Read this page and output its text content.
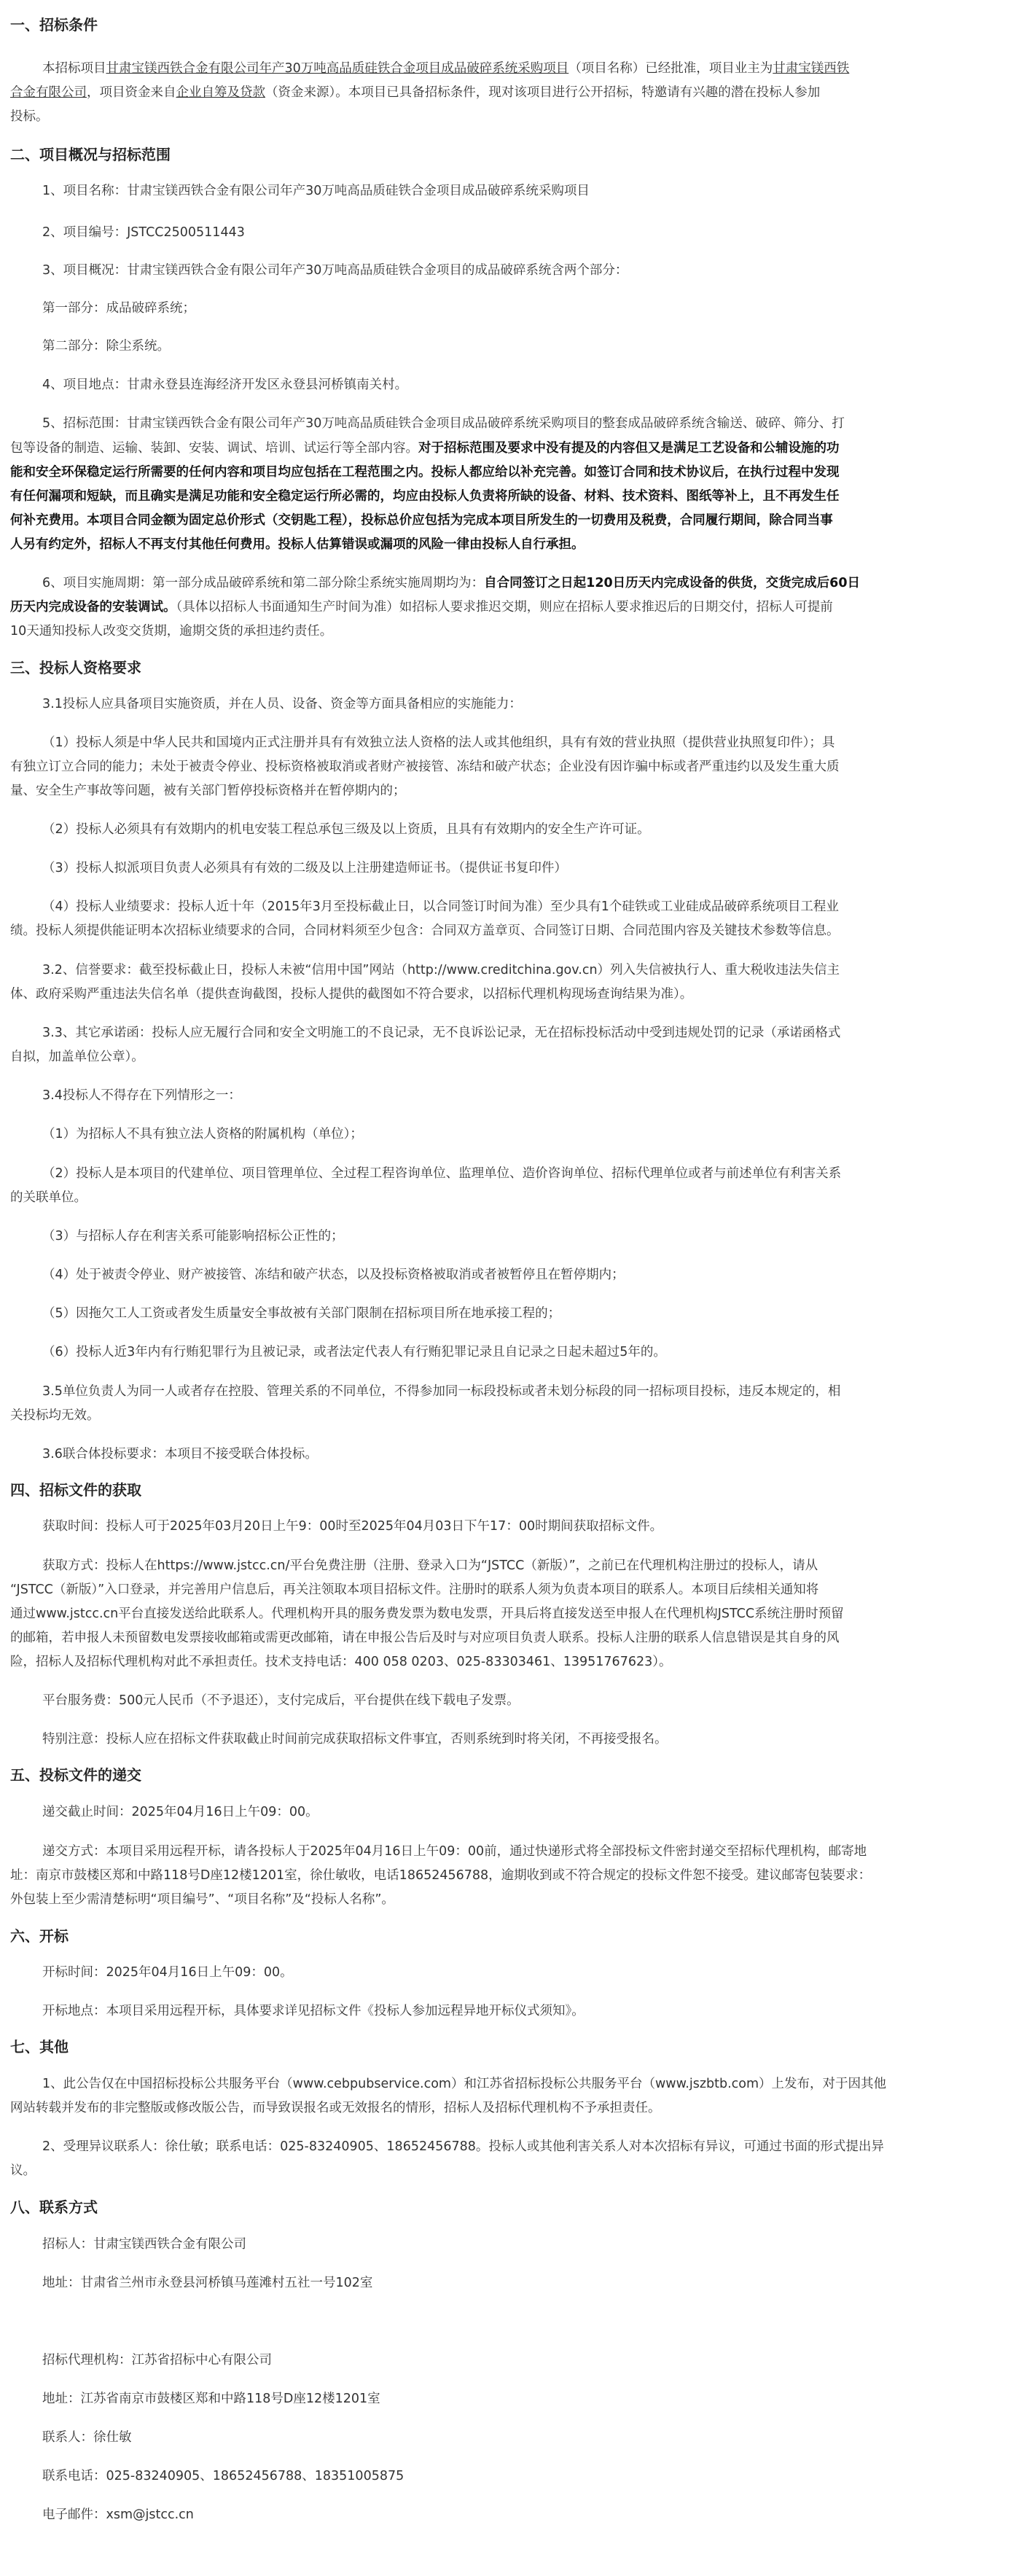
一、招标条件
本招标项目甘肃宝镁西铁合金有限公司年产30万吨高品质硅铁合金项目成品破碎系统采购项目（项目名称）已经批准，项目业主为甘肃宝镁西铁
合金有限公司，项目资金来自企业自筹及贷款（资金来源）。本项目已具备招标条件，现对该项目进行公开招标，特邀请有兴趣的潜在投标人参加
投标。
二、项目概况与招标范围
1、项目名称：甘肃宝镁西铁合金有限公司年产30万吨高品质硅铁合金项目成品破碎系统采购项目
2、项目编号：JSTCC2500511443
3、项目概况：甘肃宝镁西铁合金有限公司年产30万吨高品质硅铁合金项目的成品破碎系统含两个部分：
第一部分：成品破碎系统；
第二部分：除尘系统。
4、项目地点：甘肃永登县连海经济开发区永登县河桥镇南关村。
5、招标范围：甘肃宝镁西铁合金有限公司年产30万吨高品质硅铁合金项目成品破碎系统采购项目的整套成品破碎系统含输送、破碎、筛分、打
包等设备的制造、运输、装卸、安装、调试、培训、试运行等全部内容。对于招标范围及要求中没有提及的内容但又是满足工艺设备和公辅设施的功
能和安全环保稳定运行所需要的任何内容和项目均应包括在工程范围之内。投标人都应给以补充完善。如签订合同和技术协议后，在执行过程中发现
有任何漏项和短缺，而且确实是满足功能和安全稳定运行所必需的，均应由投标人负责将所缺的设备、材料、技术资料、图纸等补上，且不再发生任
何补充费用。本项目合同金额为固定总价形式（交钥匙工程），投标总价应包括为完成本项目所发生的一切费用及税费，合同履行期间，除合同当事
人另有约定外，招标人不再支付其他任何费用。投标人估算错误或漏项的风险一律由投标人自行承担。
6、项目实施周期：第一部分成品破碎系统和第二部分除尘系统实施周期均为：自合同签订之日起120日历天内完成设备的供货，交货完成后60日
历天内完成设备的安装调试。（具体以招标人书面通知生产时间为准）如招标人要求推迟交期，则应在招标人要求推迟后的日期交付，招标人可提前
10天通知投标人改变交货期，逾期交货的承担违约责任。
三、投标人资格要求
3.1投标人应具备项目实施资质，并在人员、设备、资金等方面具备相应的实施能力：
（1）投标人须是中华人民共和国境内正式注册并具有有效独立法人资格的法人或其他组织，具有有效的营业执照（提供营业执照复印件）；具
有独立订立合同的能力；未处于被责令停业、投标资格被取消或者财产被接管、冻结和破产状态；企业没有因诈骗中标或者严重违约以及发生重大质
量、安全生产事故等问题，被有关部门暂停投标资格并在暂停期内的；
（2）投标人必须具有有效期内的机电安装工程总承包三级及以上资质，且具有有效期内的安全生产许可证。
（3）投标人拟派项目负责人必须具有有效的二级及以上注册建造师证书。（提供证书复印件）
（4）投标人业绩要求：投标人近十年（2015年3月至投标截止日，以合同签订时间为准）至少具有1个硅铁或工业硅成品破碎系统项目工程业
绩。投标人须提供能证明本次招标业绩要求的合同，合同材料须至少包含：合同双方盖章页、合同签订日期、合同范围内容及关键技术参数等信息。
3.2、信誉要求：截至投标截止日，投标人未被“信用中国”网站（http://www.creditchina.gov.cn）列入失信被执行人、重大税收违法失信主
体、政府采购严重违法失信名单（提供查询截图，投标人提供的截图如不符合要求，以招标代理机构现场查询结果为准）。
3.3、其它承诺函：投标人应无履行合同和安全文明施工的不良记录，无不良诉讼记录，无在招标投标活动中受到违规处罚的记录（承诺函格式
自拟，加盖单位公章）。
3.4投标人不得存在下列情形之一：
（1）为招标人不具有独立法人资格的附属机构（单位）；
（2）投标人是本项目的代建单位、项目管理单位、全过程工程咨询单位、监理单位、造价咨询单位、招标代理单位或者与前述单位有利害关系
的关联单位。
（3）与招标人存在利害关系可能影响招标公正性的；
（4）处于被责令停业、财产被接管、冻结和破产状态，以及投标资格被取消或者被暂停且在暂停期内；
（5）因拖欠工人工资或者发生质量安全事故被有关部门限制在招标项目所在地承接工程的；
（6）投标人近3年内有行贿犯罪行为且被记录，或者法定代表人有行贿犯罪记录且自记录之日起未超过5年的。
3.5单位负责人为同一人或者存在控股、管理关系的不同单位，不得参加同一标段投标或者未划分标段的同一招标项目投标，违反本规定的，相
关投标均无效。
3.6联合体投标要求：本项目不接受联合体投标。
四、招标文件的获取
获取时间：投标人可于2025年03月20日上午9：00时至2025年04月03日下午17：00时期间获取招标文件。
获取方式：投标人在https://www.jstcc.cn/平台免费注册（注册、登录入口为“JSTCC（新版）”，之前已在代理机构注册过的投标人，请从
“JSTCC（新版）”入口登录，并完善用户信息后，再关注领取本项目招标文件。注册时的联系人须为负责本项目的联系人。本项目后续相关通知将
通过www.jstcc.cn平台直接发送给此联系人。代理机构开具的服务费发票为数电发票，开具后将直接发送至申报人在代理机构JSTCC系统注册时预留
的邮箱，若申报人未预留数电发票接收邮箱或需更改邮箱，请在申报公告后及时与对应项目负责人联系。投标人注册的联系人信息错误是其自身的风
险，招标人及招标代理机构对此不承担责任。技术支持电话：400 058 0203、025-83303461、13951767623）。
平台服务费：500元人民币（不予退还），支付完成后，平台提供在线下载电子发票。
特别注意：投标人应在招标文件获取截止时间前完成获取招标文件事宜，否则系统到时将关闭，不再接受报名。
五、投标文件的递交
递交截止时间：2025年04月16日上午09：00。
递交方式：本项目采用远程开标，请各投标人于2025年04月16日上午09：00前，通过快递形式将全部投标文件密封递交至招标代理机构，邮寄地
址：南京市鼓楼区郑和中路118号D座12楼1201室，徐仕敏收，电话18652456788，逾期收到或不符合规定的投标文件恕不接受。建议邮寄包装要求：
外包装上至少需清楚标明“项目编号”、“项目名称”及“投标人名称”。
六、开标
开标时间：2025年04月16日上午09：00。
开标地点：本项目采用远程开标，具体要求详见招标文件《投标人参加远程异地开标仪式须知》。
七、其他
1、此公告仅在中国招标投标公共服务平台（www.cebpubservice.com）和江苏省招标投标公共服务平台（www.jszbtb.com）上发布，对于因其他
网站转载并发布的非完整版或修改版公告，而导致误报名或无效报名的情形，招标人及招标代理机构不予承担责任。
2、受理异议联系人：徐仕敏；联系电话：025-83240905、18652456788。投标人或其他利害关系人对本次招标有异议，可通过书面的形式提出异
议。
八、联系方式
招标人：甘肃宝镁西铁合金有限公司
地址：甘肃省兰州市永登县河桥镇马莲滩村五社一号102室
招标代理机构：江苏省招标中心有限公司
地址：江苏省南京市鼓楼区郑和中路118号D座12楼1201室
联系人：徐仕敏
联系电话：025-83240905、18652456788、18351005875
电子邮件：xsm@jstcc.cn
